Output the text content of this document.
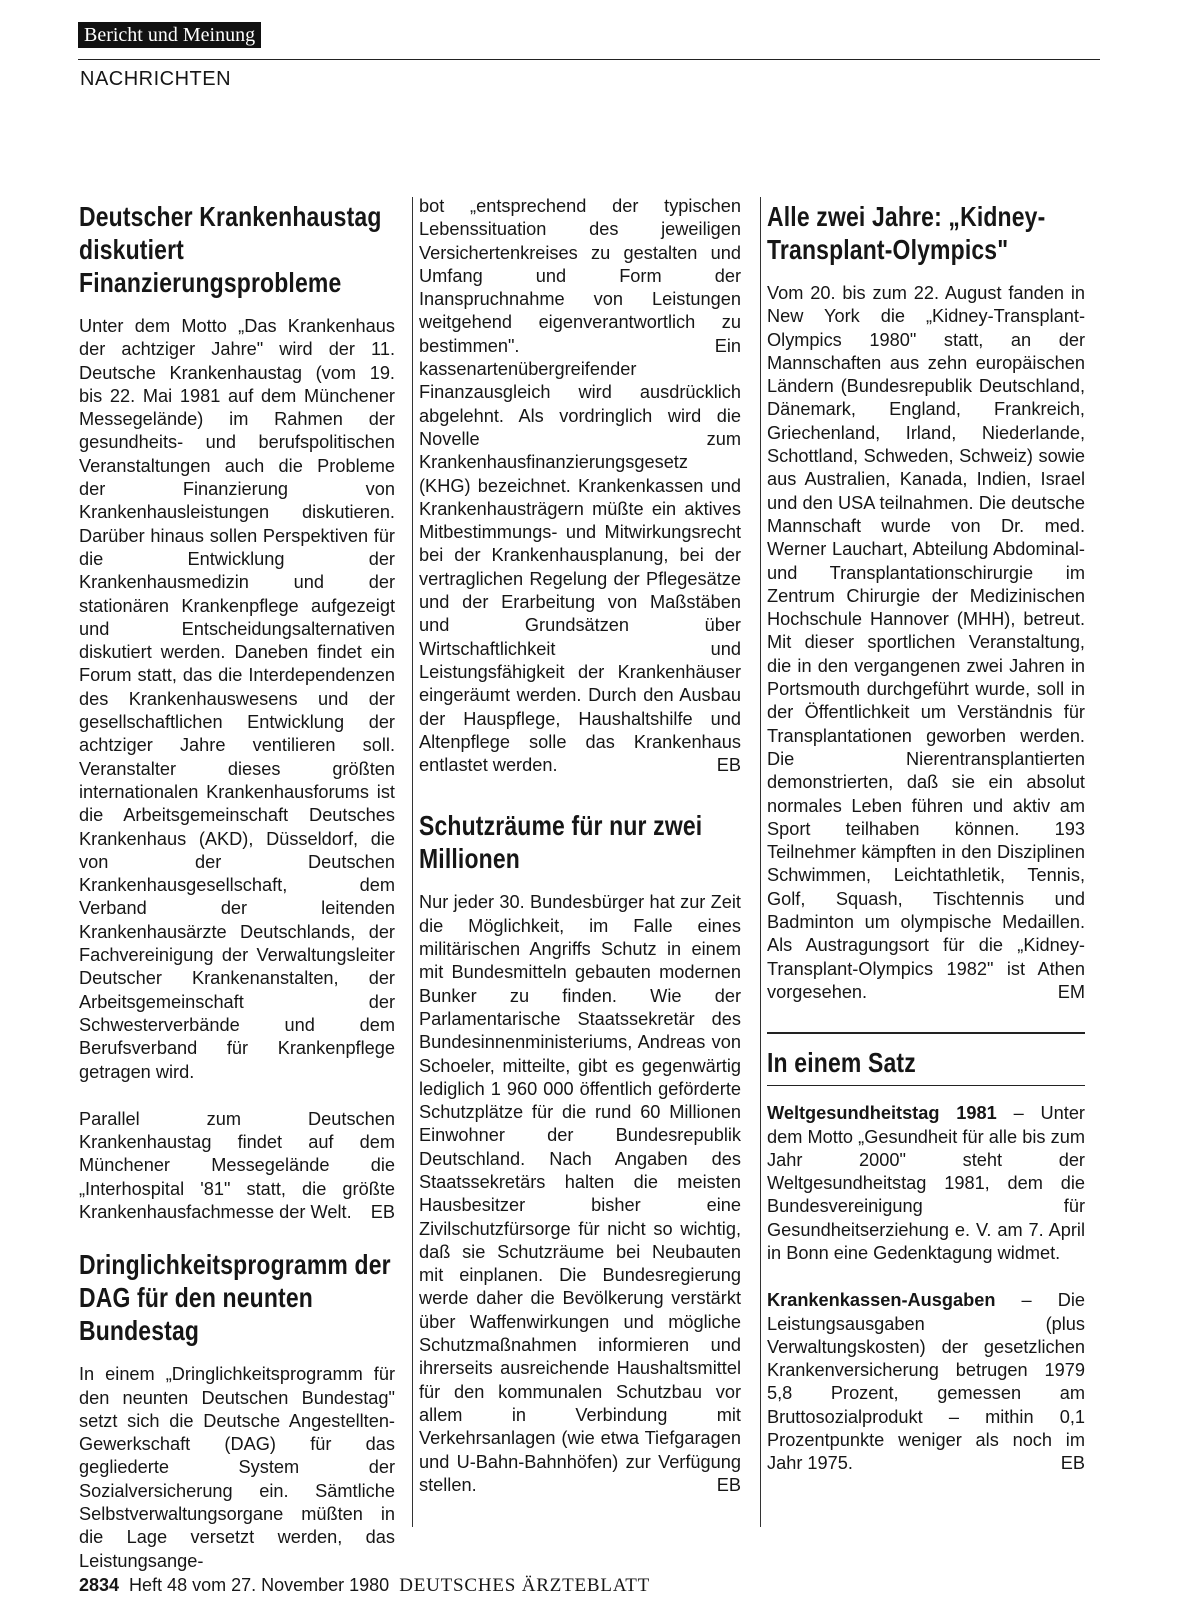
Bericht und Meinung
NACHRICHTEN
Deutscher Krankenhaustag diskutiert Finanzierungsprobleme

Unter dem Motto „Das Krankenhaus der achtziger Jahre" wird der 11. Deutsche Krankenhaustag (vom 19. bis 22. Mai 1981 auf dem Münchener Messegelände) im Rahmen der gesundheits- und berufspolitischen Veranstaltungen auch die Probleme der Finanzierung von Krankenhausleistungen diskutieren. Darüber hinaus sollen Perspektiven für die Entwicklung der Krankenhausmedizin und der stationären Krankenpflege aufgezeigt und Entscheidungsalternativen diskutiert werden. Daneben findet ein Forum statt, das die Interdependenzen des Krankenhauswesens und der gesellschaftlichen Entwicklung der achtziger Jahre ventilieren soll. Veranstalter dieses größten internationalen Krankenhausforums ist die Arbeitsgemeinschaft Deutsches Krankenhaus (AKD), Düsseldorf, die von der Deutschen Krankenhausgesellschaft, dem Verband der leitenden Krankenhausärzte Deutschlands, der Fachvereinigung der Verwaltungsleiter Deutscher Krankenanstalten, der Arbeitsgemeinschaft der Schwesterverbände und dem Berufsverband für Krankenpflege getragen wird.

Parallel zum Deutschen Krankenhaustag findet auf dem Münchener Messegelände die „Interhospital '81" statt, die größte Krankenhausfachmesse der Welt. EB

Dringlichkeitsprogramm der DAG für den neunten Bundestag

In einem „Dringlichkeitsprogramm für den neunten Deutschen Bundestag" setzt sich die Deutsche Angestellten-Gewerkschaft (DAG) für das gegliederte System der Sozialversicherung ein. Sämtliche Selbstverwaltungsorgane müßten in die Lage versetzt werden, das Leistungsange-

bot „entsprechend der typischen Lebenssituation des jeweiligen Versichertenkreises zu gestalten und Umfang und Form der Inanspruchnahme von Leistungen weitgehend eigenverantwortlich zu bestimmen". Ein kassenartenübergreifender Finanzausgleich wird ausdrücklich abgelehnt. Als vordringlich wird die Novelle zum Krankenhausfinanzierungsgesetz (KHG) bezeichnet. Krankenkassen und Krankenhausträgern müßte ein aktives Mitbestimmungs- und Mitwirkungsrecht bei der Krankenhausplanung, bei der vertraglichen Regelung der Pflegesätze und der Erarbeitung von Maßstäben und Grundsätzen über Wirtschaftlichkeit und Leistungsfähigkeit der Krankenhäuser eingeräumt werden. Durch den Ausbau der Hauspflege, Haushaltshilfe und Altenpflege solle das Krankenhaus entlastet werden.	EB

Schutzräume für nur zwei Millionen

Nur jeder 30. Bundesbürger hat zur Zeit die Möglichkeit, im Falle eines militärischen Angriffs Schutz in einem mit Bundesmitteln gebauten modernen Bunker zu finden. Wie der Parlamentarische Staatssekretär des Bundesinnenministeriums, Andreas von Schoeler, mitteilte, gibt es gegenwärtig lediglich 1 960 000 öffentlich geförderte Schutzplätze für die rund 60 Millionen Einwohner der Bundesrepublik Deutschland. Nach Angaben des Staatssekretärs halten die meisten Hausbesitzer bisher eine Zivilschutzfürsorge für nicht so wichtig, daß sie Schutzräume bei Neubauten mit einplanen. Die Bundesregierung werde daher die Bevölkerung verstärkt über Waffenwirkungen und mögliche Schutzmaßnahmen informieren und ihrerseits ausreichende Haushaltsmittel für den kommunalen Schutzbau vor allem in Verbindung mit Verkehrsanlagen (wie etwa Tiefgaragen und U-Bahn-Bahnhöfen) zur Verfügung stellen.	EB

Alle zwei Jahre: „Kidney-Transplant-Olympics"

Vom 20. bis zum 22. August fanden in New York die „Kidney-Transplant-Olympics 1980" statt, an der Mannschaften aus zehn europäischen Ländern (Bundesrepublik Deutschland, Dänemark, England, Frankreich, Griechenland, Irland, Niederlande, Schottland, Schweden, Schweiz) sowie aus Australien, Kanada, Indien, Israel und den USA teilnahmen. Die deutsche Mannschaft wurde von Dr. med. Werner Lauchart, Abteilung Abdominal- und Transplantationschirurgie im Zentrum Chirurgie der Medizinischen Hochschule Hannover (MHH), betreut. Mit dieser sportlichen Veranstaltung, die in den vergangenen zwei Jahren in Portsmouth durchgeführt wurde, soll in der Öffentlichkeit um Verständnis für Transplantationen geworben werden. Die Nierentransplantierten demonstrierten, daß sie ein absolut normales Leben führen und aktiv am Sport teilhaben können. 193 Teilnehmer kämpften in den Disziplinen Schwimmen, Leichtathletik, Tennis, Golf, Squash, Tischtennis und Badminton um olympische Medaillen. Als Austragungsort für die „Kidney-Transplant-Olympics 1982" ist Athen vorgesehen.	EM

In einem Satz

Weltgesundheitstag 1981 – Unter dem Motto „Gesundheit für alle bis zum Jahr 2000" steht der Weltgesundheitstag 1981, dem die Bundesvereinigung für Gesundheitserziehung e. V. am 7. April in Bonn eine Gedenktagung widmet.

Krankenkassen-Ausgaben – Die Leistungsausgaben (plus Verwaltungskosten) der gesetzlichen Krankenversicherung betrugen 1979 5,8 Prozent, gemessen am Bruttosozialprodukt – mithin 0,1 Prozentpunkte weniger als noch im Jahr 1975.	EB

2834 Heft 48 vom 27. November 1980 DEUTSCHES ÄRZTEBLATT
